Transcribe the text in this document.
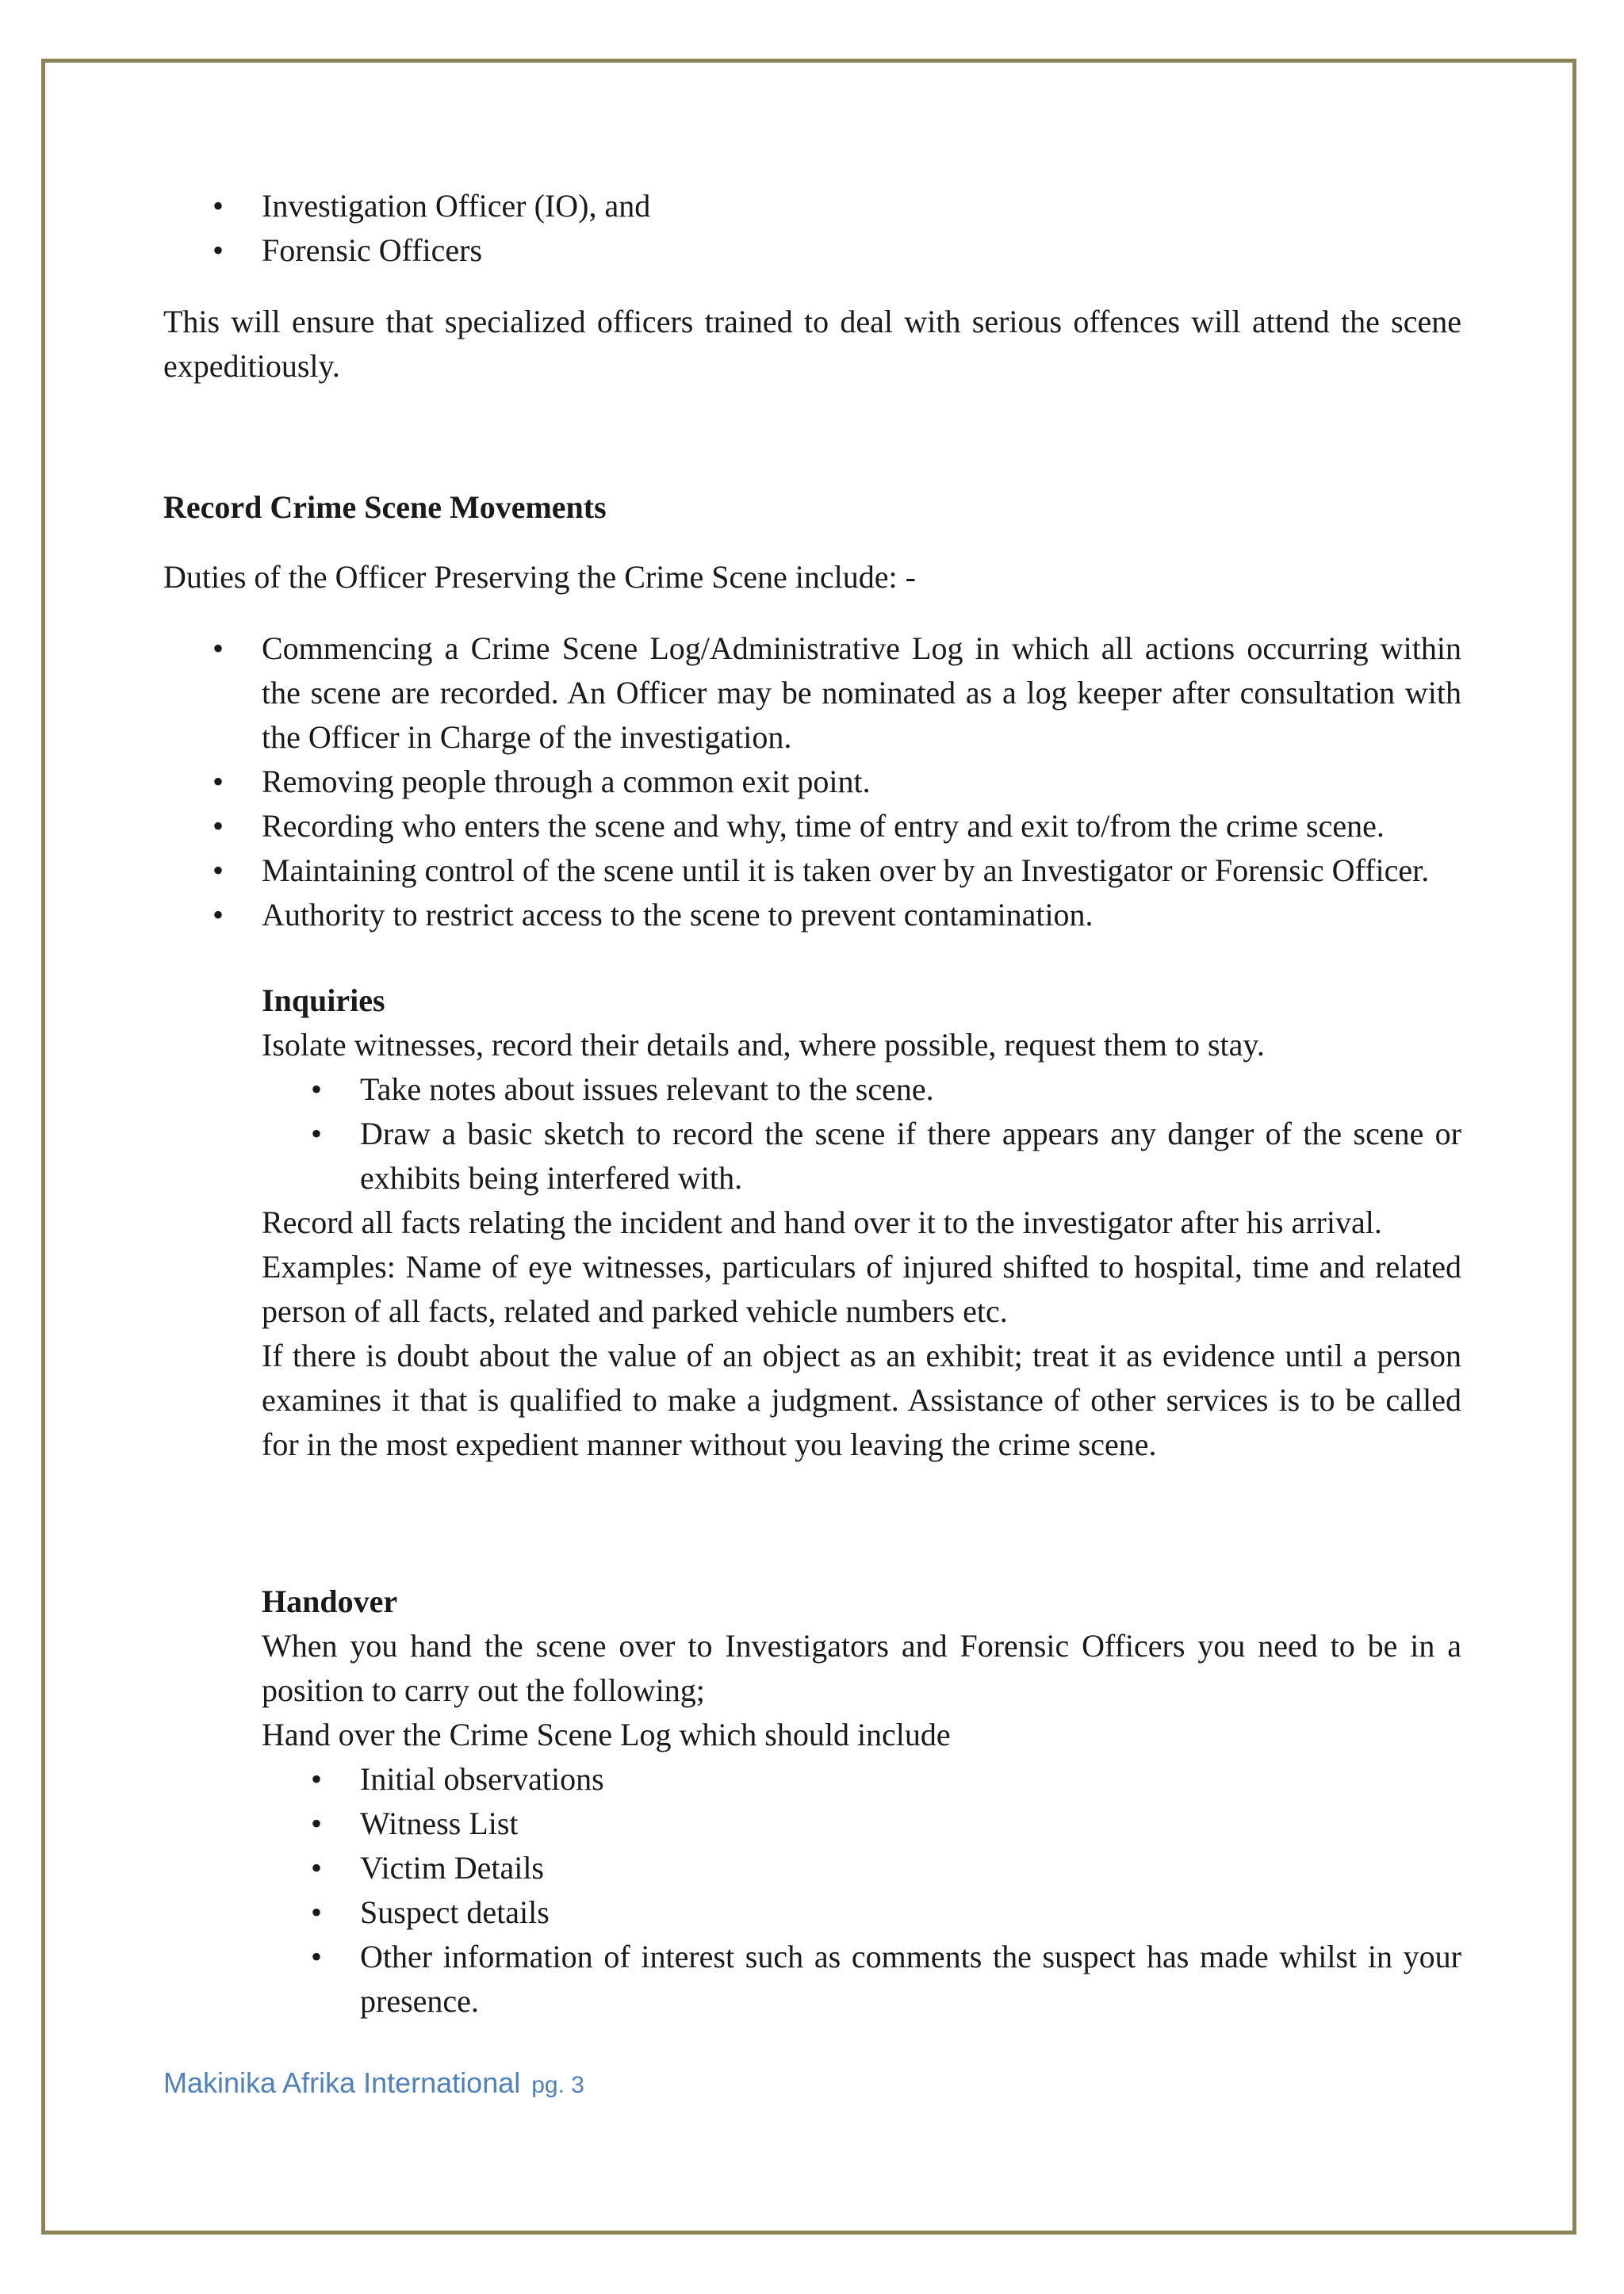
• Investigation Officer (IO), and
• Forensic Officers

This will ensure that specialized officers trained to deal with serious offences will attend the scene expeditiously.

Record Crime Scene Movements

Duties of the Officer Preserving the Crime Scene include: -

• Commencing a Crime Scene Log/Administrative Log in which all actions occurring within the scene are recorded. An Officer may be nominated as a log keeper after consultation with the Officer in Charge of the investigation.
• Removing people through a common exit point.
• Recording who enters the scene and why, time of entry and exit to/from the crime scene.
• Maintaining control of the scene until it is taken over by an Investigator or Forensic Officer.
• Authority to restrict access to the scene to prevent contamination.

Inquiries

Isolate witnesses, record their details and, where possible, request them to stay.

• Take notes about issues relevant to the scene.
• Draw a basic sketch to record the scene if there appears any danger of the scene or exhibits being interfered with.

Record all facts relating the incident and hand over it to the investigator after his arrival.

Examples: Name of eye witnesses, particulars of injured shifted to hospital, time and related person of all facts, related and parked vehicle numbers etc.

If there is doubt about the value of an object as an exhibit; treat it as evidence until a person examines it that is qualified to make a judgment. Assistance of other services is to be called for in the most expedient manner without you leaving the crime scene.

Handover

When you hand the scene over to Investigators and Forensic Officers you need to be in a position to carry out the following;

Hand over the Crime Scene Log which should include

• Initial observations
• Witness List
• Victim Details
• Suspect details
• Other information of interest such as comments the suspect has made whilst in your presence.
Makinika Afrika International pg. 3
